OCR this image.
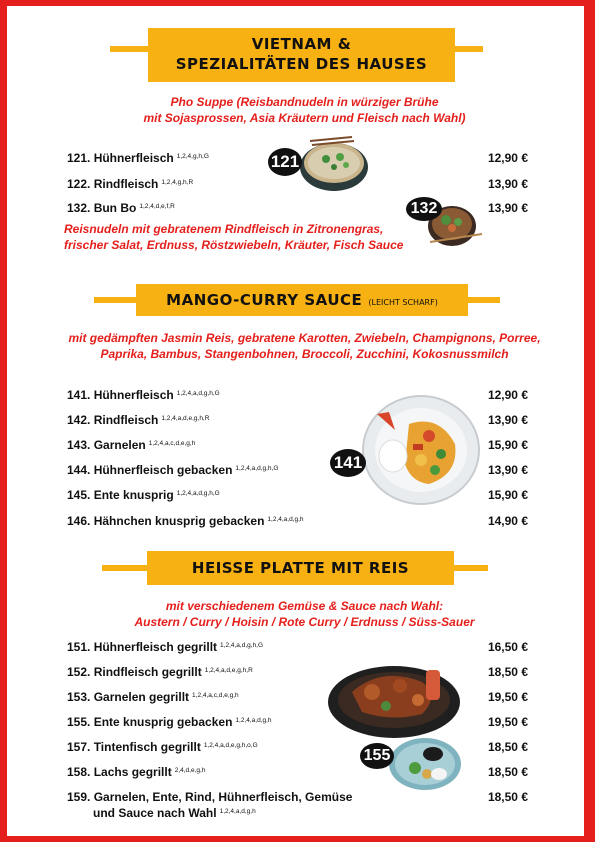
VIETNAM &
SPEZIALITÄTEN DES HAUSES
Pho Suppe (Reisbandnudeln in würziger Brühe
mit Sojasprossen, Asia Kräutern und Fleisch nach Wahl)
121. Hühnerfleisch $^{1,2,4,g,h,G}$	12,90 €
122. Rindfleisch $^{1,2,4,g,h,R}$	13,90 €
132. Bun Bo $^{1,2,4,d,e,f,R}$	13,90 €
Reisnudeln mit gebratenem Rindfleisch in Zitronengras,
frischer Salat, Erdnuss, Röstzwiebeln, Kräuter, Fisch Sauce
121
132
MANGO-CURRY SAUCE (LEICHT SCHARF)
mit gedämpften Jasmin Reis, gebratene Karotten, Zwiebeln, Champignons, Porree,
Paprika, Bambus, Stangenbohnen, Broccoli, Zucchini, Kokosnussmilch
141. Hühnerfleisch $^{1,2,4,a,d,g,h,G}$	12,90 €
142. Rindfleisch $^{1,2,4,a,d,e,g,h,R}$	13,90 €
143. Garnelen $^{1,2,4,a,c,d,e,g,h}$	15,90 €
144. Hühnerfleisch gebacken $^{1,2,4,a,d,g,h,G}$	13,90 €
145. Ente knusprig $^{1,2,4,a,d,g,h,G}$	15,90 €
146. Hähnchen knusprig gebacken $^{1,2,4,a,d,g,h}$	14,90 €
141
HEISSE PLATTE MIT REIS
mit verschiedenem Gemüse & Sauce nach Wahl:
Austern / Curry / Hoisin / Rote Curry / Erdnuss / Süss-Sauer
151. Hühnerfleisch gegrillt $^{1,2,4,a,d,g,h,G}$	16,50 €
152. Rindfleisch gegrillt $^{1,2,4,a,d,e,g,h,R}$	18,50 €
153. Garnelen gegrillt $^{1,2,4,a,c,d,e,g,h}$	19,50 €
155. Ente knusprig gebacken $^{1,2,4,a,d,g,h}$	19,50 €
157. Tintenfisch gegrillt $^{1,2,4,a,d,e,g,h,o,G}$	18,50 €
158. Lachs gegrillt $^{2,4,d,e,g,h}$	18,50 €
159. Garnelen, Ente, Rind, Hühnerfleisch, Gemüse
und Sauce nach Wahl $^{1,2,4,a,d,g,h}$
18,50 €
155
